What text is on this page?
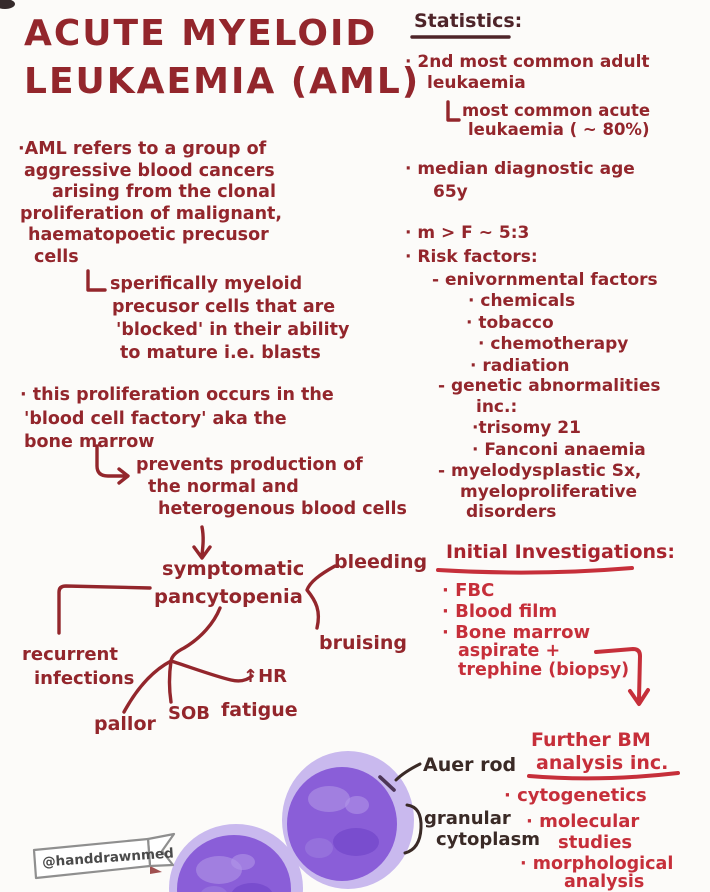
ACUTE MYELOID
LEUKAEMIA (AML)
·AML refers to a group of
aggressive blood cancers
arising from the clonal
proliferation of malignant,
haematopoetic precusor
cells
sperifically myeloid
precusor cells that are
'blocked' in their ability
to mature i.e. blasts
· this proliferation occurs in the
'blood cell factory' aka the
bone marrow
prevents production of
the normal and
heterogenous blood cells
symptomatic
pancytopenia
bleeding
bruising
recurrent
infections
pallor SOB fatigue
↑HR
Statistics:
· 2nd most common adult
leukaemia
most common acute
leukaemia ( ~ 80%)
· median diagnostic age
65y
· m > F ~ 5:3
· Risk factors:
- enivornmental factors
· chemicals
· tobacco
· chemotherapy
· radiation
- genetic abnormalities
inc.:
·trisomy 21
· Fanconi anaemia
- myelodysplastic Sx,
myeloproliferative
disorders
Initial Investigations:
· FBC
· Blood film
· Bone marrow
aspirate +
trephine (biopsy)
Further BM
analysis inc.
· cytogenetics
· molecular
studies
· morphological
analysis
Auer rod
granular
cytoplasm
@handdrawnmed
